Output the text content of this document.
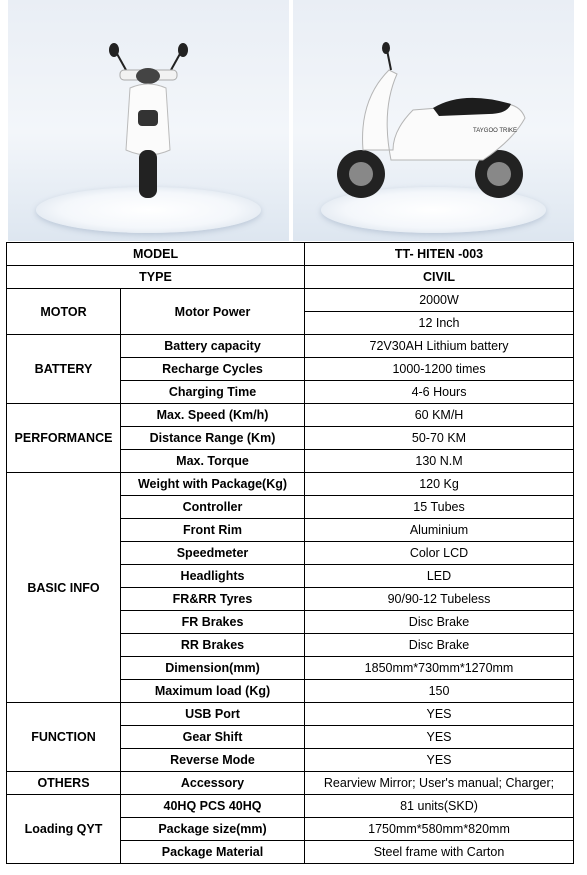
TAYGOO TRIKE
MODEL		TT- HITEN -003
TYPE		CIVIL
MOTOR	Motor Power	2000W
		12 Inch
BATTERY	Battery capacity	72V30AH Lithium battery
	Recharge Cycles	1000-1200 times
	Charging Time	4-6 Hours
PERFORMANCE	Max. Speed (Km/h)	60 KM/H
	Distance Range (Km)	50-70 KM
	Max. Torque	130 N.M
BASIC INFO	Weight with Package(Kg)	120 Kg
	Controller	15 Tubes
	Front Rim	Aluminium
	Speedmeter	Color LCD
	Headlights	LED
	FR&RR Tyres	90/90-12 Tubeless
	FR Brakes	Disc Brake
	RR Brakes	Disc Brake
	Dimension(mm)	1850mm*730mm*1270mm
	Maximum load (Kg)	150
FUNCTION	USB Port	YES
	Gear Shift	YES
	Reverse Mode	YES
OTHERS	Accessory	Rearview Mirror; User's manual; Charger;
Loading QYT	40HQ PCS 40HQ	81 units(SKD)
	Package size(mm)	1750mm*580mm*820mm
	Package Material	Steel frame with Carton
